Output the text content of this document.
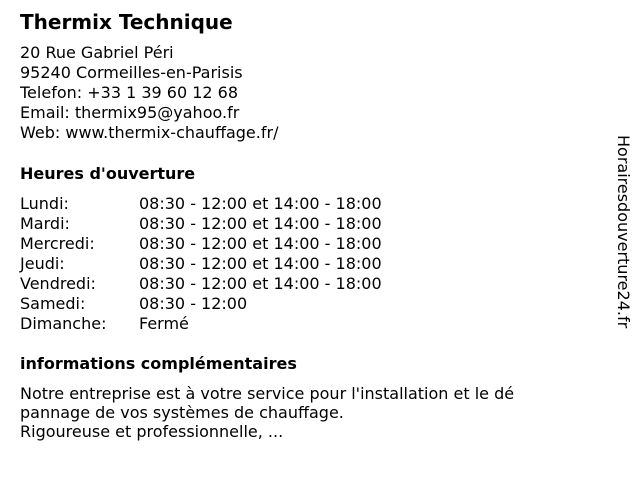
Thermix Technique
20 Rue Gabriel Péri
95240 Cormeilles-en-Parisis
Telefon: +33 1 39 60 12 68
Email: thermix95@yahoo.fr
Web: www.thermix-chauffage.fr/
Heures d'ouverture
Lundi:	08:30 - 12:00 et 14:00 - 18:00
Mardi:	08:30 - 12:00 et 14:00 - 18:00
Mercredi:	08:30 - 12:00 et 14:00 - 18:00
Jeudi:	08:30 - 12:00 et 14:00 - 18:00
Vendredi:	08:30 - 12:00 et 14:00 - 18:00
Samedi:	08:30 - 12:00
Dimanche: Fermé
informations complémentaires
Notre entreprise est à votre service pour l'installation et le dé
pannage de vos systèmes de chauffage.
Rigoureuse et professionnelle, ...
Horairesdouverture24.fr
